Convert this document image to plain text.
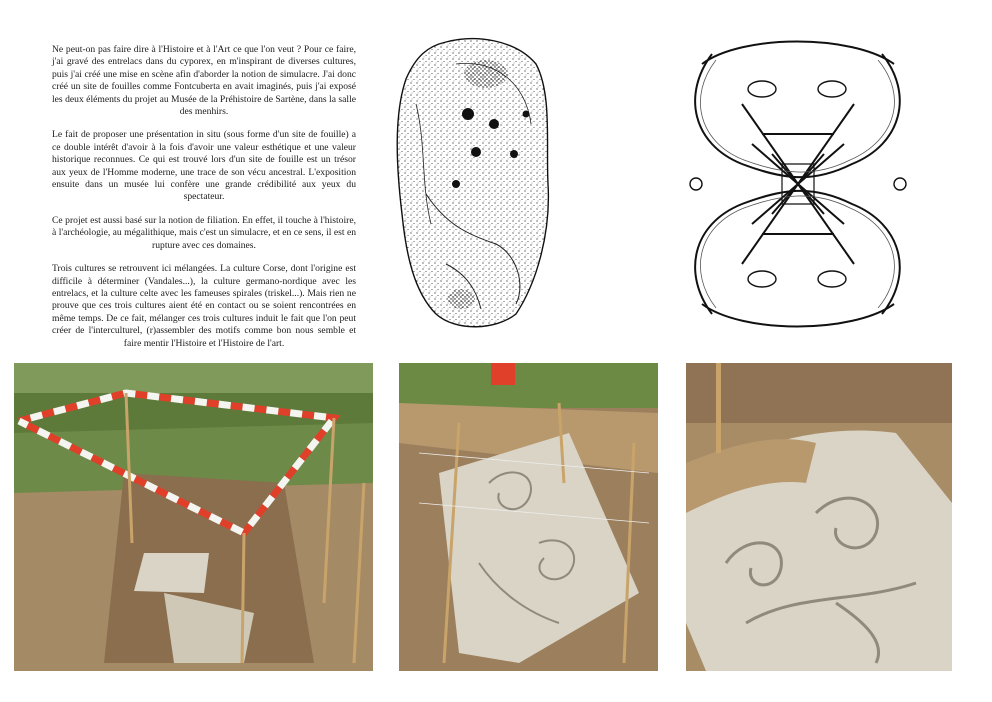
Ne peut-on pas faire dire à l'Histoire et à l'Art ce que l'on veut ? Pour ce faire, j'ai gravé des entrelacs dans du cyporex, en m'inspirant de diverses cultures, puis j'ai créé une mise en scène afin d'aborder la notion de simulacre. J'ai donc créé un site de fouilles comme Fontcuberta en avait imaginés, puis j'ai exposé les deux éléments du projet au Musée de la Préhistoire de Sartène, dans la salle des menhirs.

Le fait de proposer une présentation in situ (sous forme d'un site de fouille) a ce double intérêt d'avoir à la fois d'avoir une valeur esthétique et une valeur historique reconnues. Ce qui est trouvé lors d'un site de fouille est un trésor aux yeux de l'Homme moderne, une trace de son vécu ancestral. L'exposition ensuite dans un musée lui confère une grande crédibilité aux yeux du spectateur.

Ce projet est aussi basé sur la notion de filiation. En effet, il touche à l'histoire, à l'archéologie, au mégalithique, mais c'est un simulacre, et en ce sens, il est en rupture avec ces domaines.

Trois cultures se retrouvent ici mélangées. La culture Corse, dont l'origine est difficile à déterminer (Vandales...), la culture germano-nordique avec les entrelacs, et la culture celte avec les fameuses spirales (triskel...). Mais rien ne prouve que ces trois cultures aient été en contact ou se soient rencontrées en même temps. De ce fait, mélanger ces trois cultures induit le fait que l'on peut créer de l'interculturel, (r)assembler des motifs comme bon nous semble et faire mentir l'Histoire et l'Histoire de l'art.
